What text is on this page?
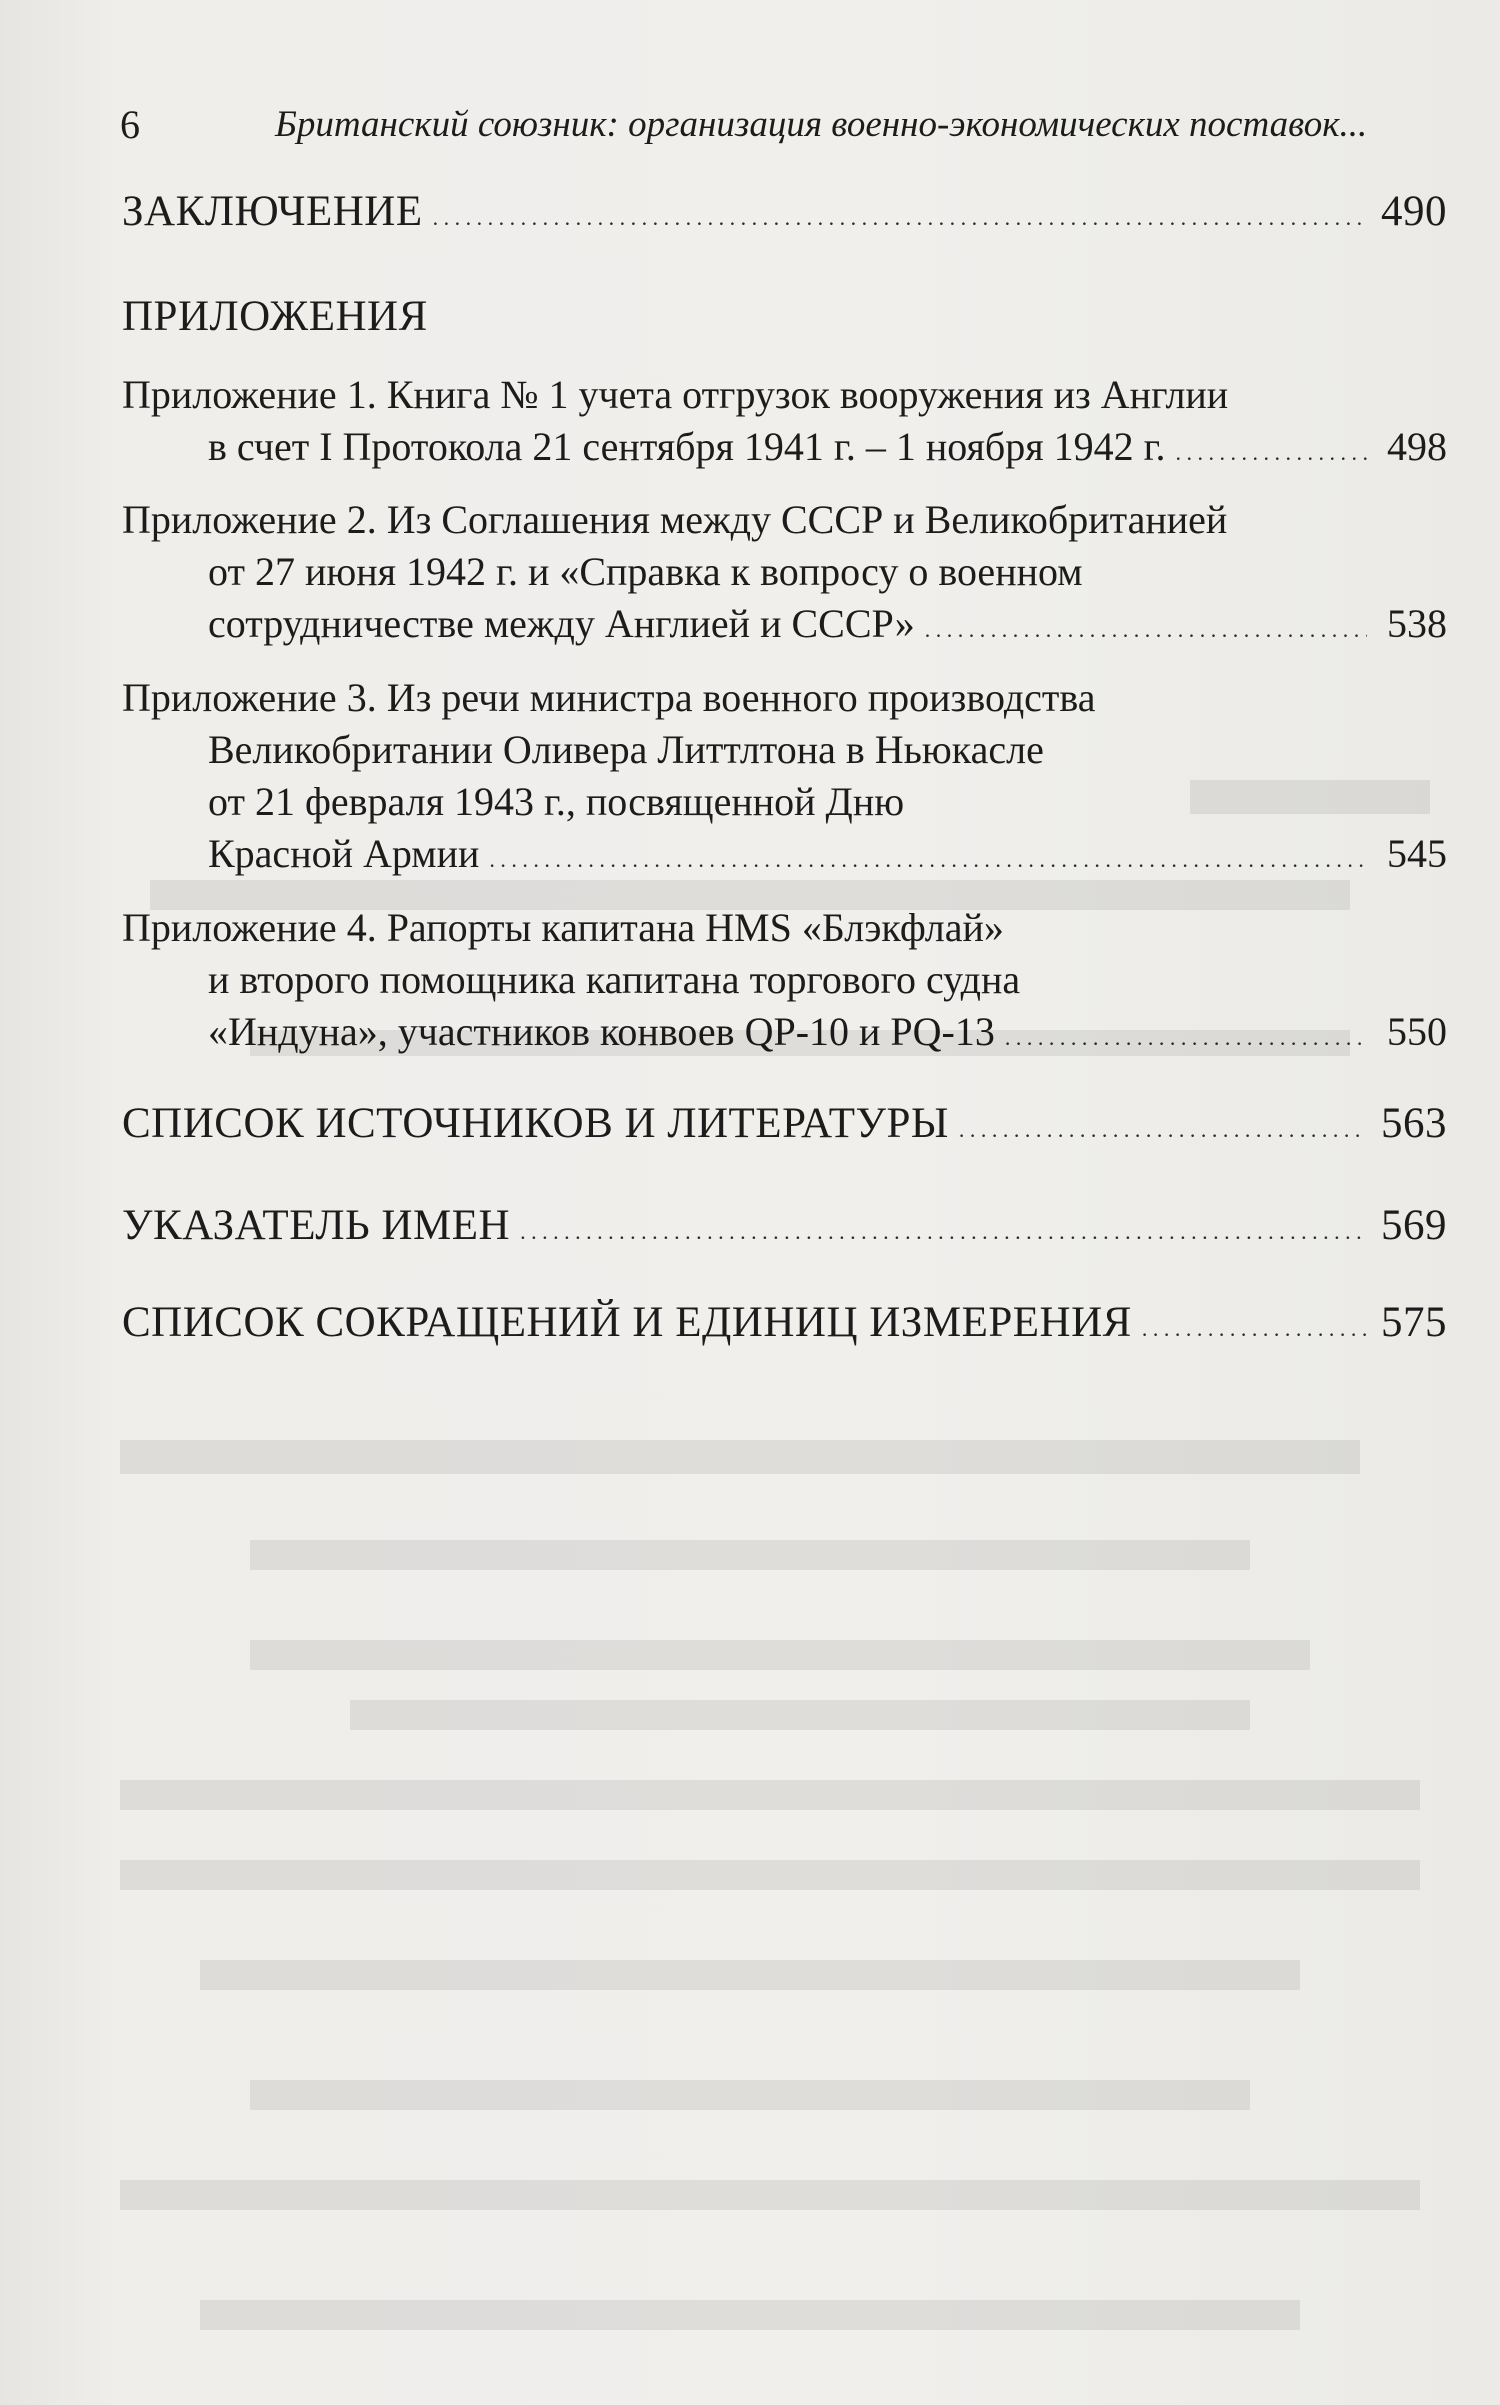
6	Британский союзник: организация военно-экономических поставок...
ЗАКЛЮЧЕНИЕ . . .	490
ПРИЛОЖЕНИЯ
Приложение 1. Книга № 1 учета отгрузок вооружения из Англии
в счет I Протокола 21 сентября 1941 г. – 1 ноября 1942 г. . . .	498
Приложение 2. Из Соглашения между СССР и Великобританией
от 27 июня 1942 г. и «Справка к вопросу о военном
сотрудничестве между Англией и СССР» . . .	538
Приложение 3. Из речи министра военного производства
Великобритании Оливера Литтлтона в Ньюкасле
от 21 февраля 1943 г., посвященной Дню
Красной Армии . . .	545
Приложение 4. Рапорты капитана HMS «Блэкфлай»
и второго помощника капитана торгового судна
«Индуна», участников конвоев QP-10 и PQ-13 . . .	550
СПИСОК ИСТОЧНИКОВ И ЛИТЕРАТУРЫ . . .	563
УКАЗАТЕЛЬ ИМЕН . . .	569
СПИСОК СОКРАЩЕНИЙ И ЕДИНИЦ ИЗМЕРЕНИЯ . . .	575
